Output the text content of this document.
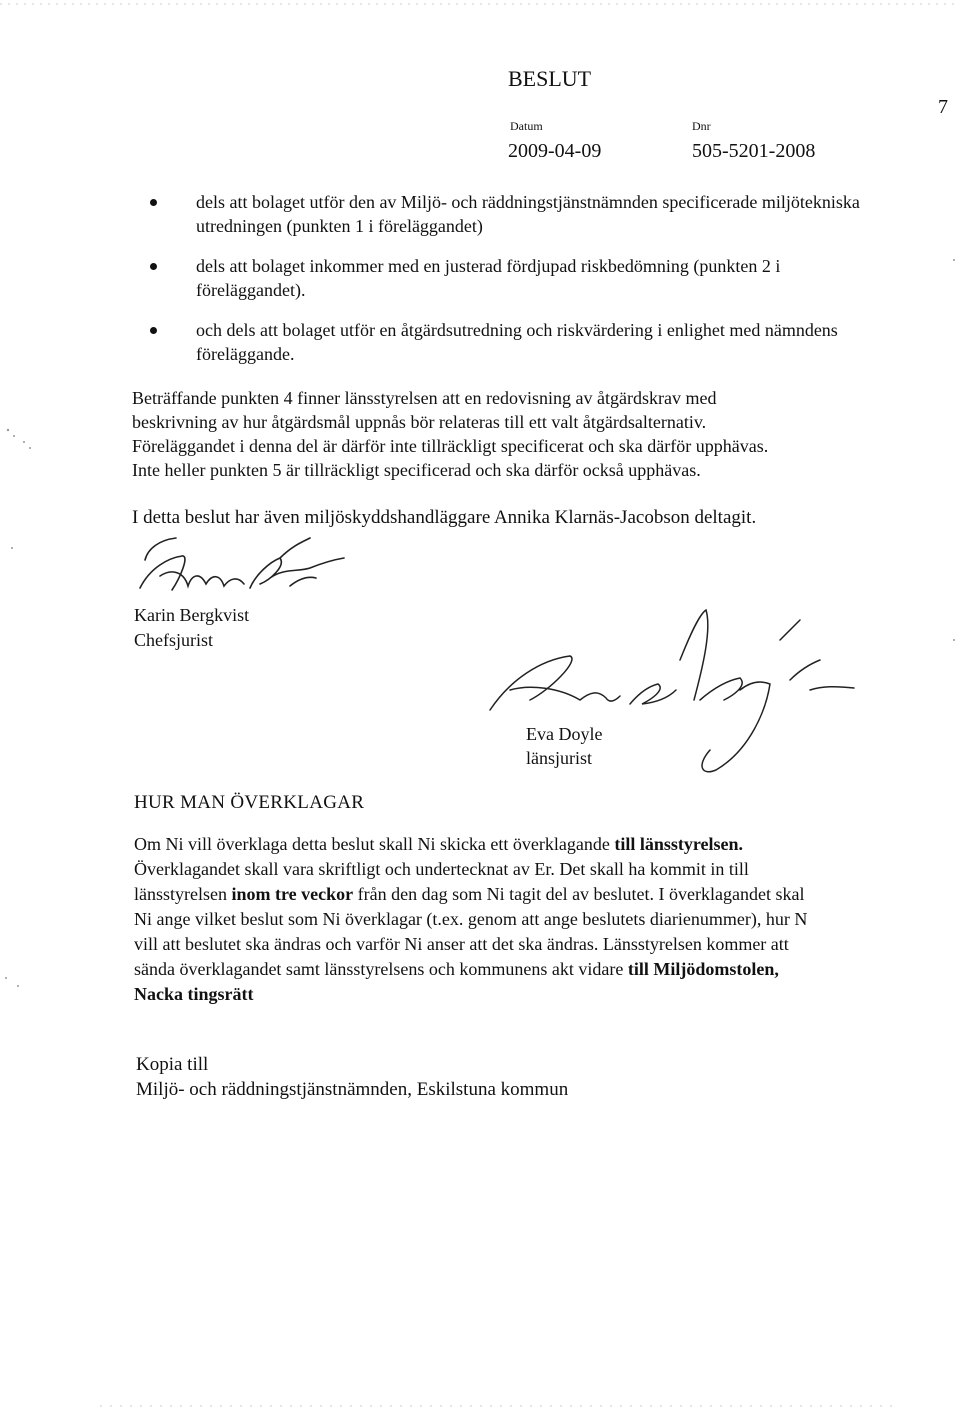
BESLUT
7
Datum	Dnr
2009-04-09	505-5201-2008
dels att bolaget utför den av Miljö- och räddningstjänstnämnden specificerade miljötekniska utredningen (punkten 1 i föreläggandet)
dels att bolaget inkommer med en justerad fördjupad riskbedömning (punkten 2 i föreläggandet).
och dels att bolaget utför en åtgärdsutredning och riskvärdering i enlighet med nämndens föreläggande.
Beträffande punkten 4 finner länsstyrelsen att en redovisning av åtgärdskrav med
beskrivning av hur åtgärdsmål uppnås bör relateras till ett valt åtgärdsalternativ.
Föreläggandet i denna del är därför inte tillräckligt specificerat och ska därför upphävas.
Inte heller punkten 5 är tillräckligt specificerad och ska därför också upphävas.
I detta beslut har även miljöskyddshandläggare Annika Klarnäs-Jacobson deltagit.
Karin Bergkvist
Chefsjurist
Eva Doyle
länsjurist
HUR MAN ÖVERKLAGAR
Om Ni vill överklaga detta beslut skall Ni skicka ett överklagande till länsstyrelsen.
Överklagandet skall vara skriftligt och undertecknat av Er. Det skall ha kommit in till
länsstyrelsen inom tre veckor från den dag som Ni tagit del av beslutet. I överklagandet skal
Ni ange vilket beslut som Ni överklagar (t.ex. genom att ange beslutets diarienummer), hur N
vill att beslutet ska ändras och varför Ni anser att det ska ändras. Länsstyrelsen kommer att
sända överklagandet samt länsstyrelsens och kommunens akt vidare till Miljödomstolen,
Nacka tingsrätt
Kopia till
Miljö- och räddningstjänstnämnden, Eskilstuna kommun
